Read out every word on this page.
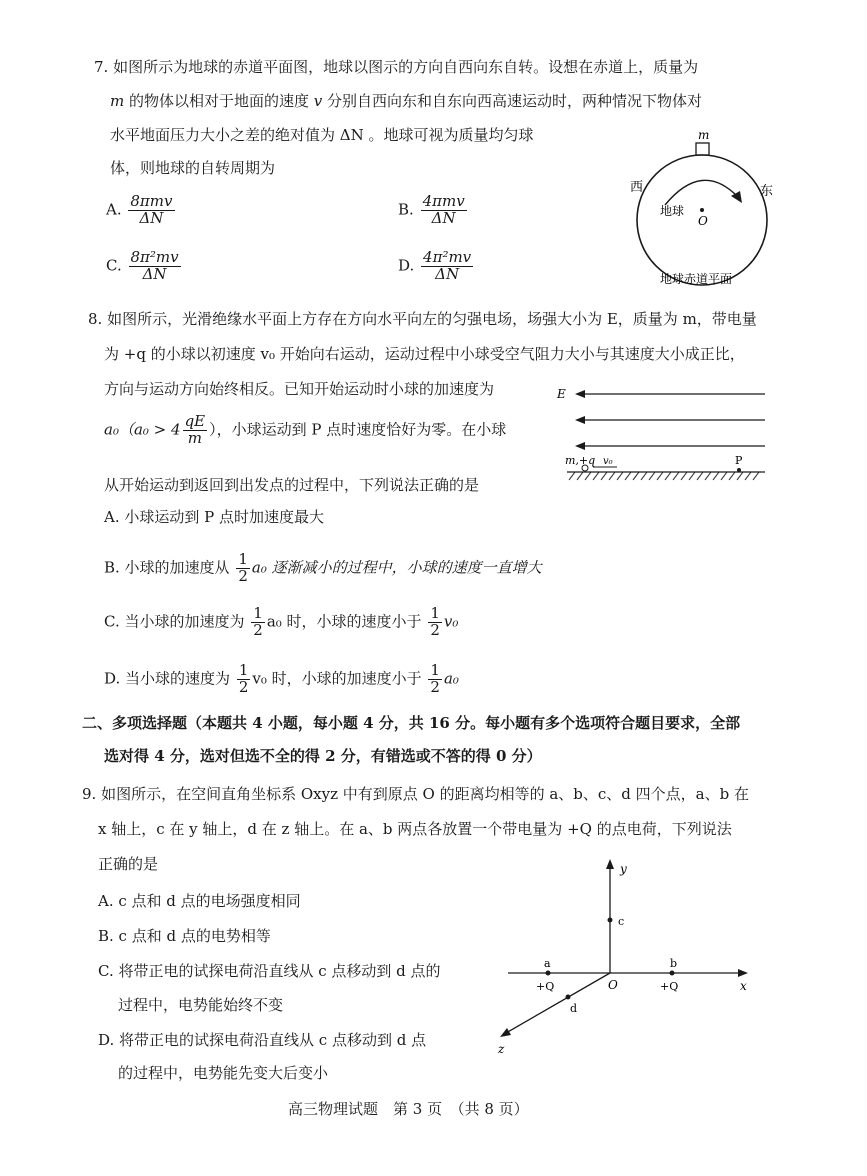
7. 如图所示为地球的赤道平面图，地球以图示的方向自西向东自转。设想在赤道上，质量为
m 的物体以相对于地面的速度 v 分别自西向东和自东向西高速运动时，两种情况下物体对
水平地面压力大小之差的绝对值为 ΔN 。地球可视为质量均匀球
体，则地球的自转周期为
A. $\frac{\text{8πmv}}{\Delta N}$	B. $\frac{\text{4πmv}}{\Delta N}$
C. $\frac{\text{8π²mv}}{\Delta N}$	D. $\frac{\text{4π²mv}}{\Delta N}$
m
西	东
地球
O
地球赤道平面
8. 如图所示，光滑绝缘水平面上方存在方向水平向左的匀强电场，场强大小为 E，质量为 m，带电量
为 +q 的小球以初速度 v₀ 开始向右运动，运动过程中小球受空气阻力大小与其速度大小成正比，
方向与运动方向始终相反。已知开始运动时小球的加速度为
$a_0(a_0 > 4 \frac{qE}{m}$ ），小球运动到 P 点时速度恰好为零。在小球
从开始运动到返回到出发点的过程中，下列说法正确的是
E
m,+q v₀	P
A. 小球运动到 P 点时加速度最大
B. 小球的加速度从 $\frac{1}{2} a_0$ 逐渐减小的过程中，小球的速度一直增大
C. 当小球的加速度为 $\frac{1}{2} a_0$ 时，小球的速度小于 $\frac{1}{2} v_0$
D. 当小球的速度为 $\frac{1}{2} v_0$ 时，小球的加速度小于 $\frac{1}{2} a_0$
二、多项选择题（本题共 4 小题，每小题 4 分，共 16 分。每小题有多个选项符合题目要求，全部
选对得 4 分，选对但选不全的得 2 分，有错选或不答的得 0 分）
9. 如图所示，在空间直角坐标系 Oxyz 中有到原点 O 的距离均相等的 a、b、c、d 四个点，a、b 在
x 轴上，c 在 y 轴上，d 在 z 轴上。在 a、b 两点各放置一个带电量为 +Q 的点电荷，下列说法
正确的是
A. c 点和 d 点的电场强度相同
B. c 点和 d 点的电势相等
C. 将带正电的试探电荷沿直线从 c 点移动到 d 点的
过程中，电势能始终不变
D. 将带正电的试探电荷沿直线从 c 点移动到 d 点
的过程中，电势能先变大后变小
y
x
z
O
c
a
+Q
b
+Q
d
高三物理试题　第 3 页　（共 8 页）
